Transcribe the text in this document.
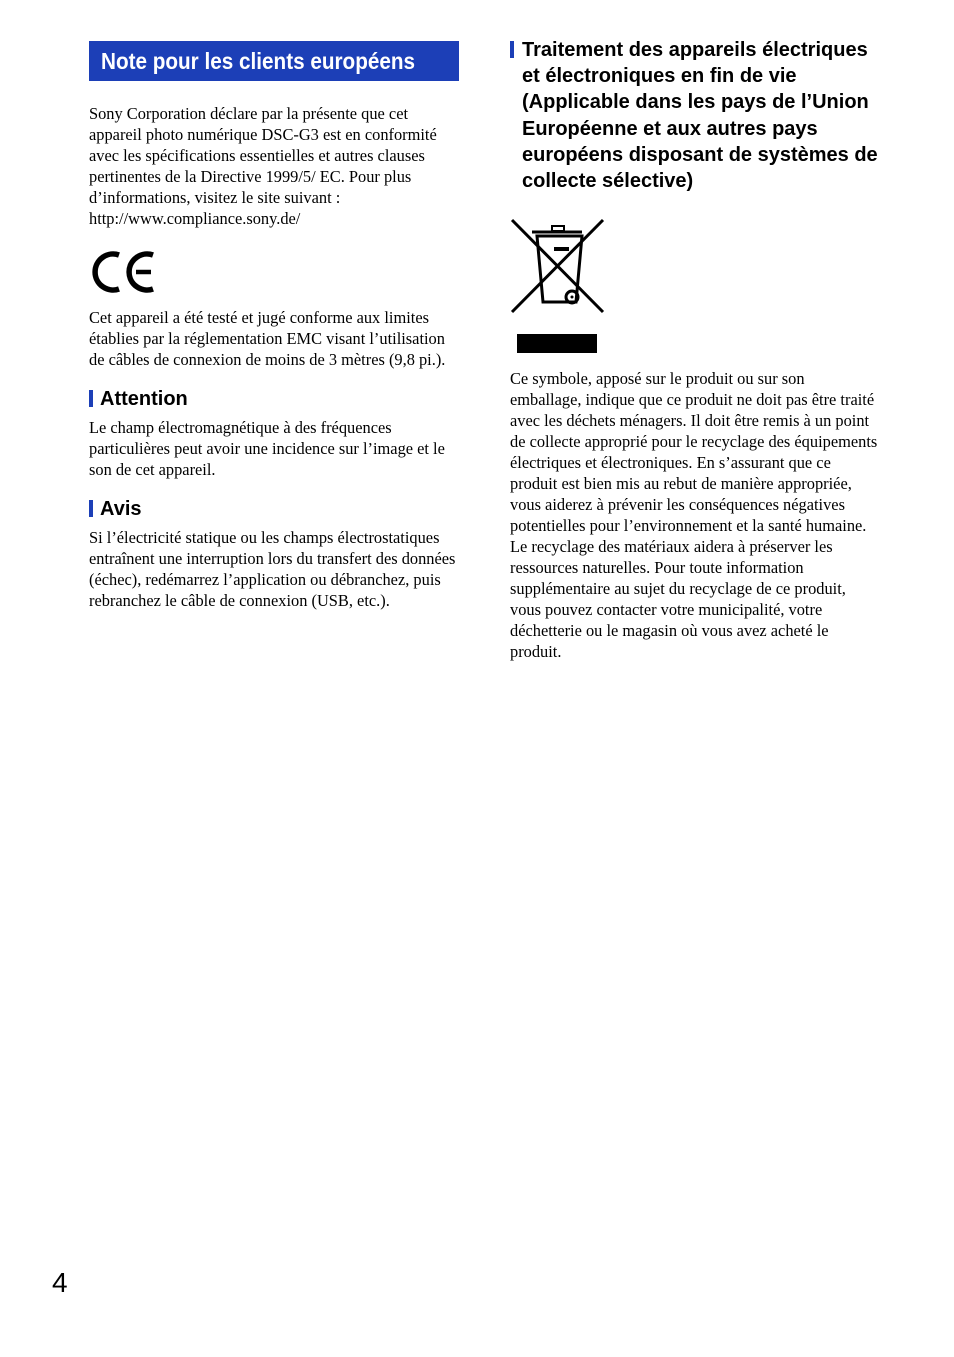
Note pour les clients européens

Sony Corporation déclare par la présente que cet appareil photo numérique DSC-G3 est en conformité avec les spécifications essentielles et autres clauses pertinentes de la Directive 1999/5/ EC. Pour plus d’informations, visitez le site suivant : http://www.compliance.sony.de/

Cet appareil a été testé et jugé conforme aux limites établies par la réglementation EMC visant l’utilisation de câbles de connexion de moins de 3 mètres (9,8 pi.).

Attention

Le champ électromagnétique à des fréquences particulières peut avoir une incidence sur l’image et le son de cet appareil.

Avis

Si l’électricité statique ou les champs électrostatiques entraînent une interruption lors du transfert des données (échec), redémarrez l’application ou débranchez, puis rebranchez le câble de connexion (USB, etc.).

Traitement des appareils électriques et électroniques en fin de vie (Applicable dans les pays de l’Union Européenne et aux autres pays européens disposant de systèmes de collecte sélective)

Ce symbole, apposé sur le produit ou sur son emballage, indique que ce produit ne doit pas être traité avec les déchets ménagers. Il doit être remis à un point de collecte approprié pour le recyclage des équipements électriques et électroniques. En s’assurant que ce produit est bien mis au rebut de manière appropriée, vous aiderez à prévenir les conséquences négatives potentielles pour l’environnement et la santé humaine. Le recyclage des matériaux aidera à préserver les ressources naturelles. Pour toute information supplémentaire au sujet du recyclage de ce produit, vous pouvez contacter votre municipalité, votre déchetterie ou le magasin où vous avez acheté le produit.

4
